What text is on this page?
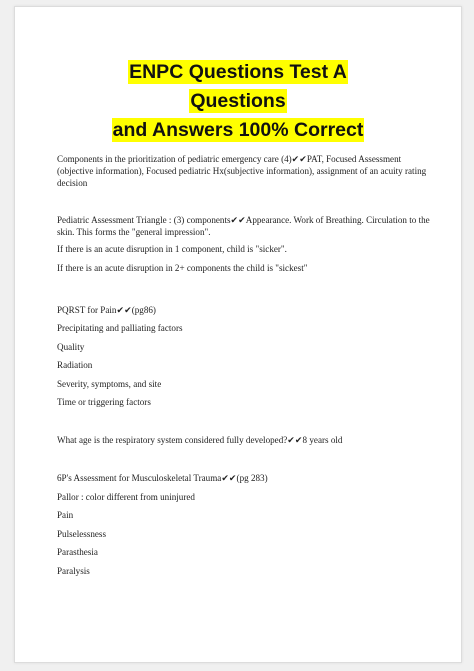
ENPC Questions Test A
Questions
and Answers 100% Correct
Components in the prioritization of pediatric emergency care (4)✔✔PAT, Focused Assessment (objective information), Focused pediatric Hx(subjective information), assignment of an acuity rating decision
Pediatric Assessment Triangle : (3) components✔✔Appearance. Work of Breathing. Circulation to the skin. This forms the "general impression".
If there is an acute disruption in 1 component, child is "sicker".
If there is an acute disruption in 2+ components the child is "sickest"
PQRST for Pain✔✔(pg86)
Precipitating and palliating factors
Quality
Radiation
Severity, symptoms, and site
Time or triggering factors
What age is the respiratory system considered fully developed?✔✔8 years old
6P's Assessment for Musculoskeletal Trauma✔✔(pg 283)
Pallor : color different from uninjured
Pain
Pulselessness
Parasthesia
Paralysis
